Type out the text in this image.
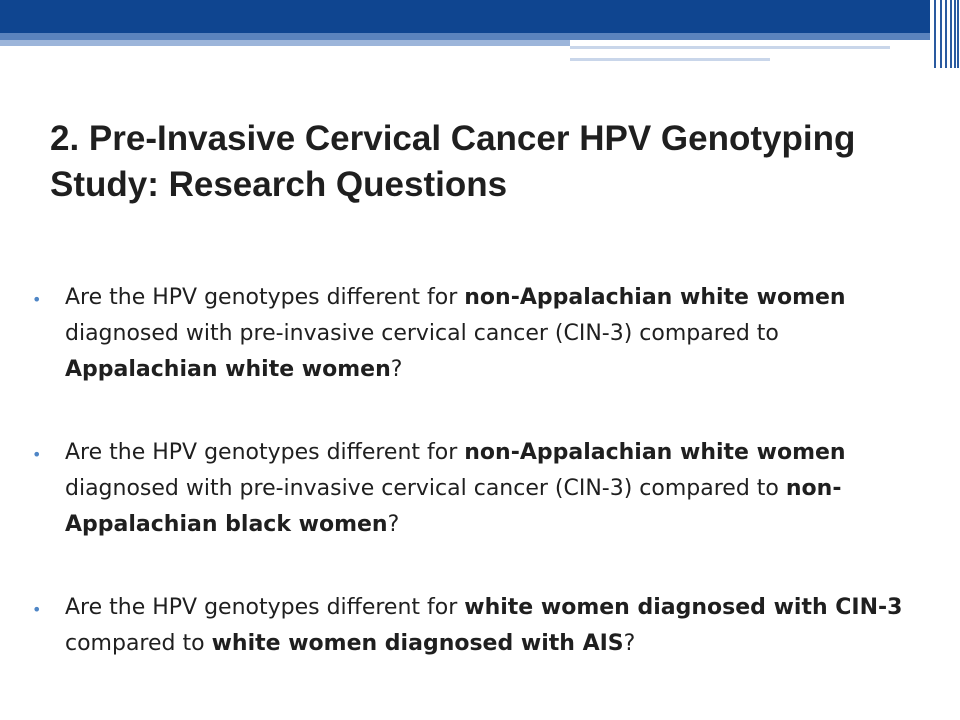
2. Pre-Invasive Cervical Cancer HPV Genotyping Study: Research Questions
• Are the HPV genotypes different for non-Appalachian white women diagnosed with pre-invasive cervical cancer (CIN-3) compared to Appalachian white women?
• Are the HPV genotypes different for non-Appalachian white women diagnosed with pre-invasive cervical cancer (CIN-3) compared to non-Appalachian black women?
• Are the HPV genotypes different for white women diagnosed with CIN-3 compared to white women diagnosed with AIS?
